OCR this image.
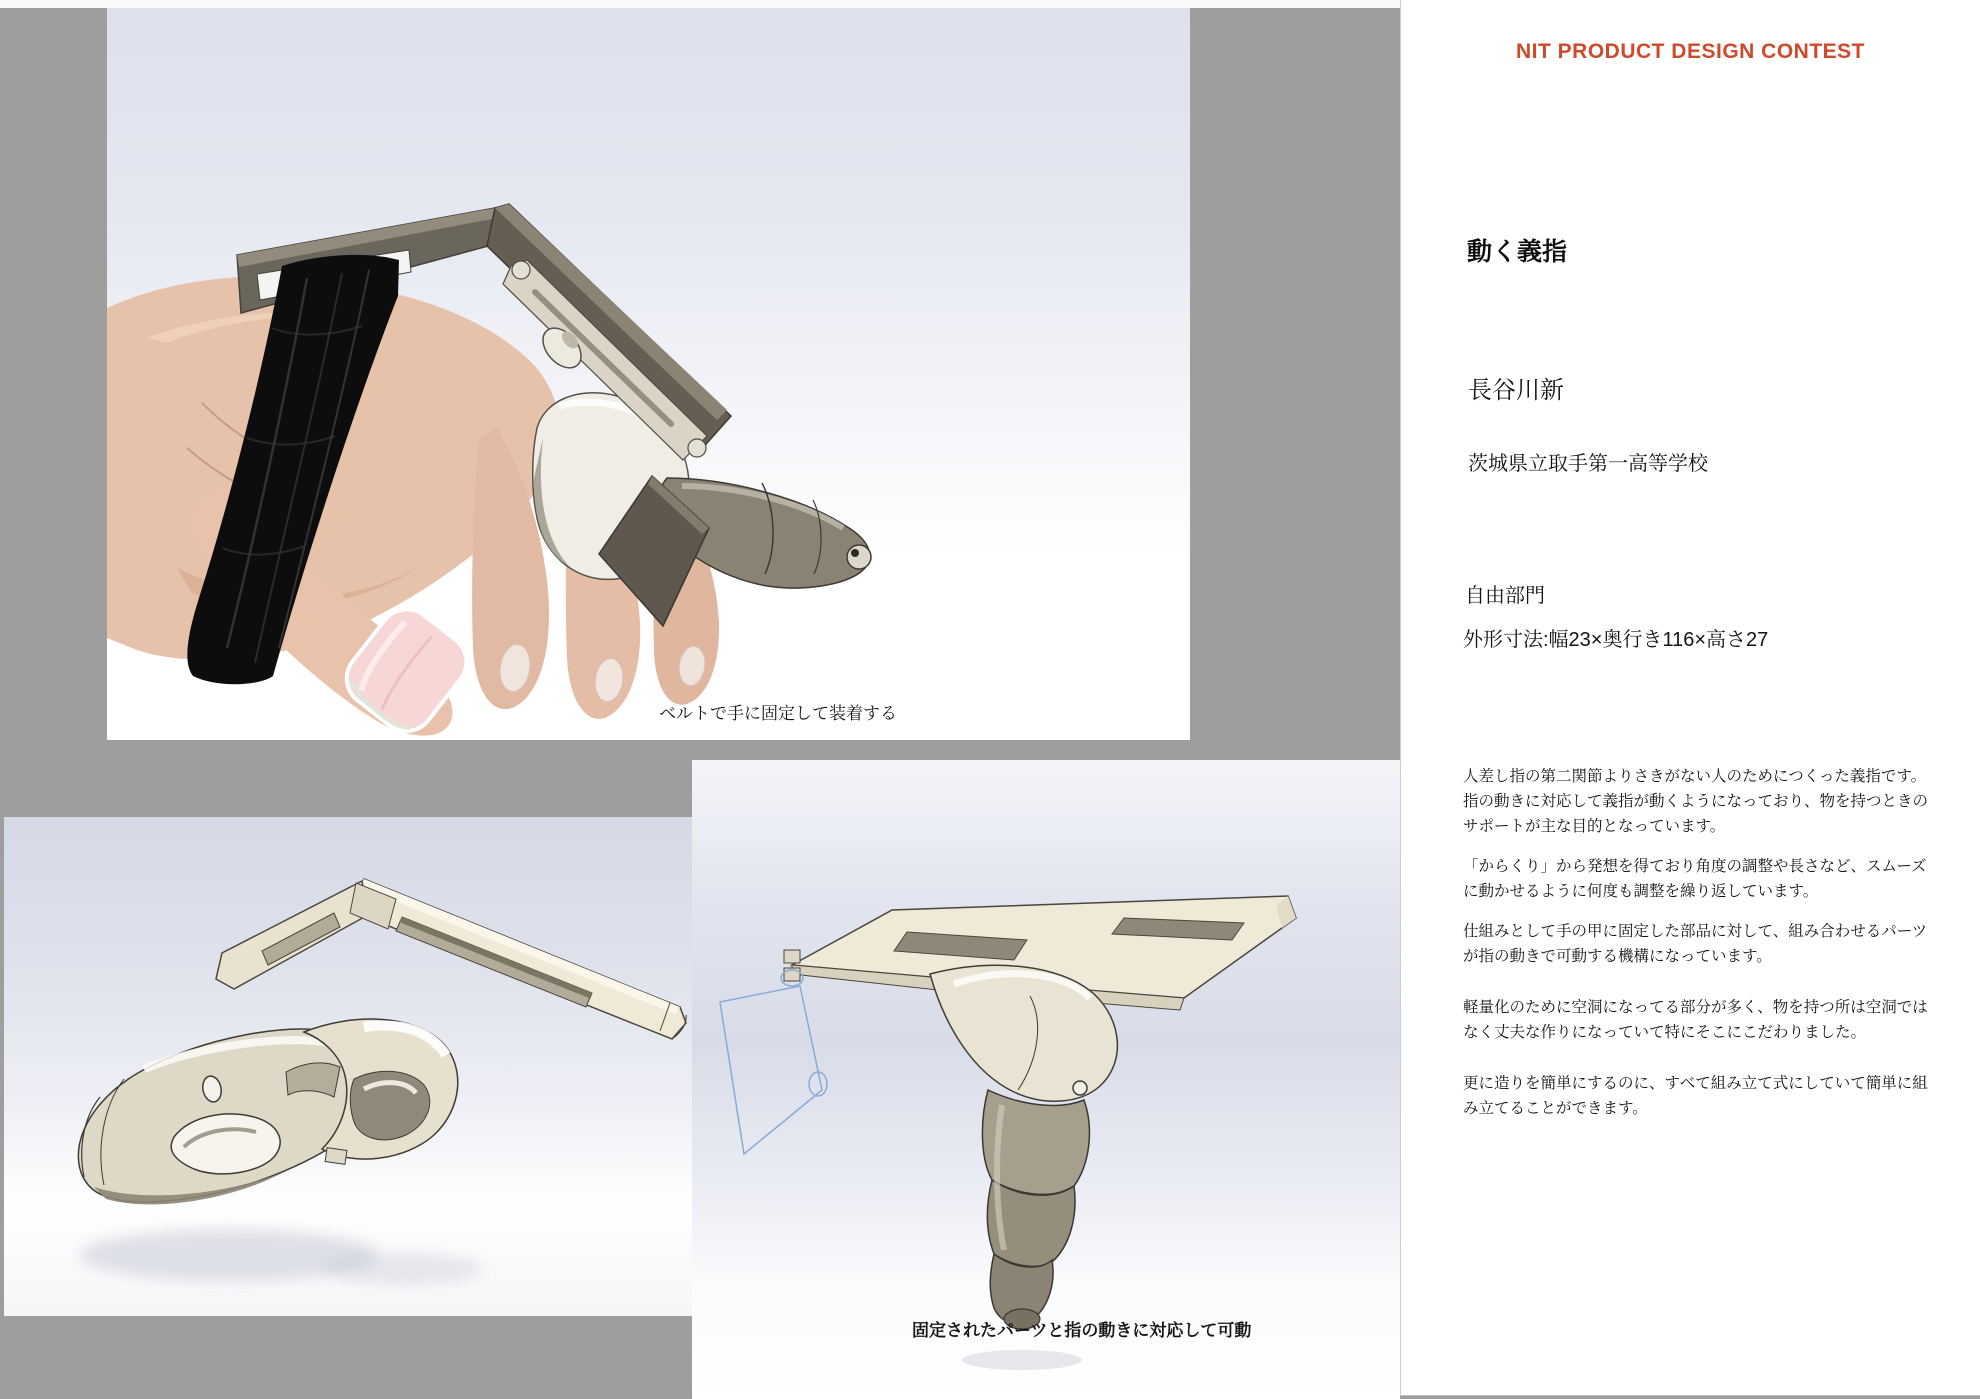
ベルトで手に固定して装着する
固定されたパーツと指の動きに対応して可動
NIT PRODUCT DESIGN CONTEST
動く義指
長谷川新
茨城県立取手第一高等学校
自由部門
外形寸法:幅23×奥行き116×高さ27

人差し指の第二関節よりさきがない人のためにつくった義指です。指の動きに対応して義指が動くようになっており、物を持つときのサポートが主な目的となっています。

「からくり」から発想を得ており角度の調整や長さなど、スムーズに動かせるように何度も調整を繰り返しています。

仕組みとして手の甲に固定した部品に対して、組み合わせるパーツが指の動きで可動する機構になっています。

軽量化のために空洞になってる部分が多く、物を持つ所は空洞ではなく丈夫な作りになっていて特にそこにこだわりました。

更に造りを簡単にするのに、すべて組み立て式にしていて簡単に組み立てることができます。
